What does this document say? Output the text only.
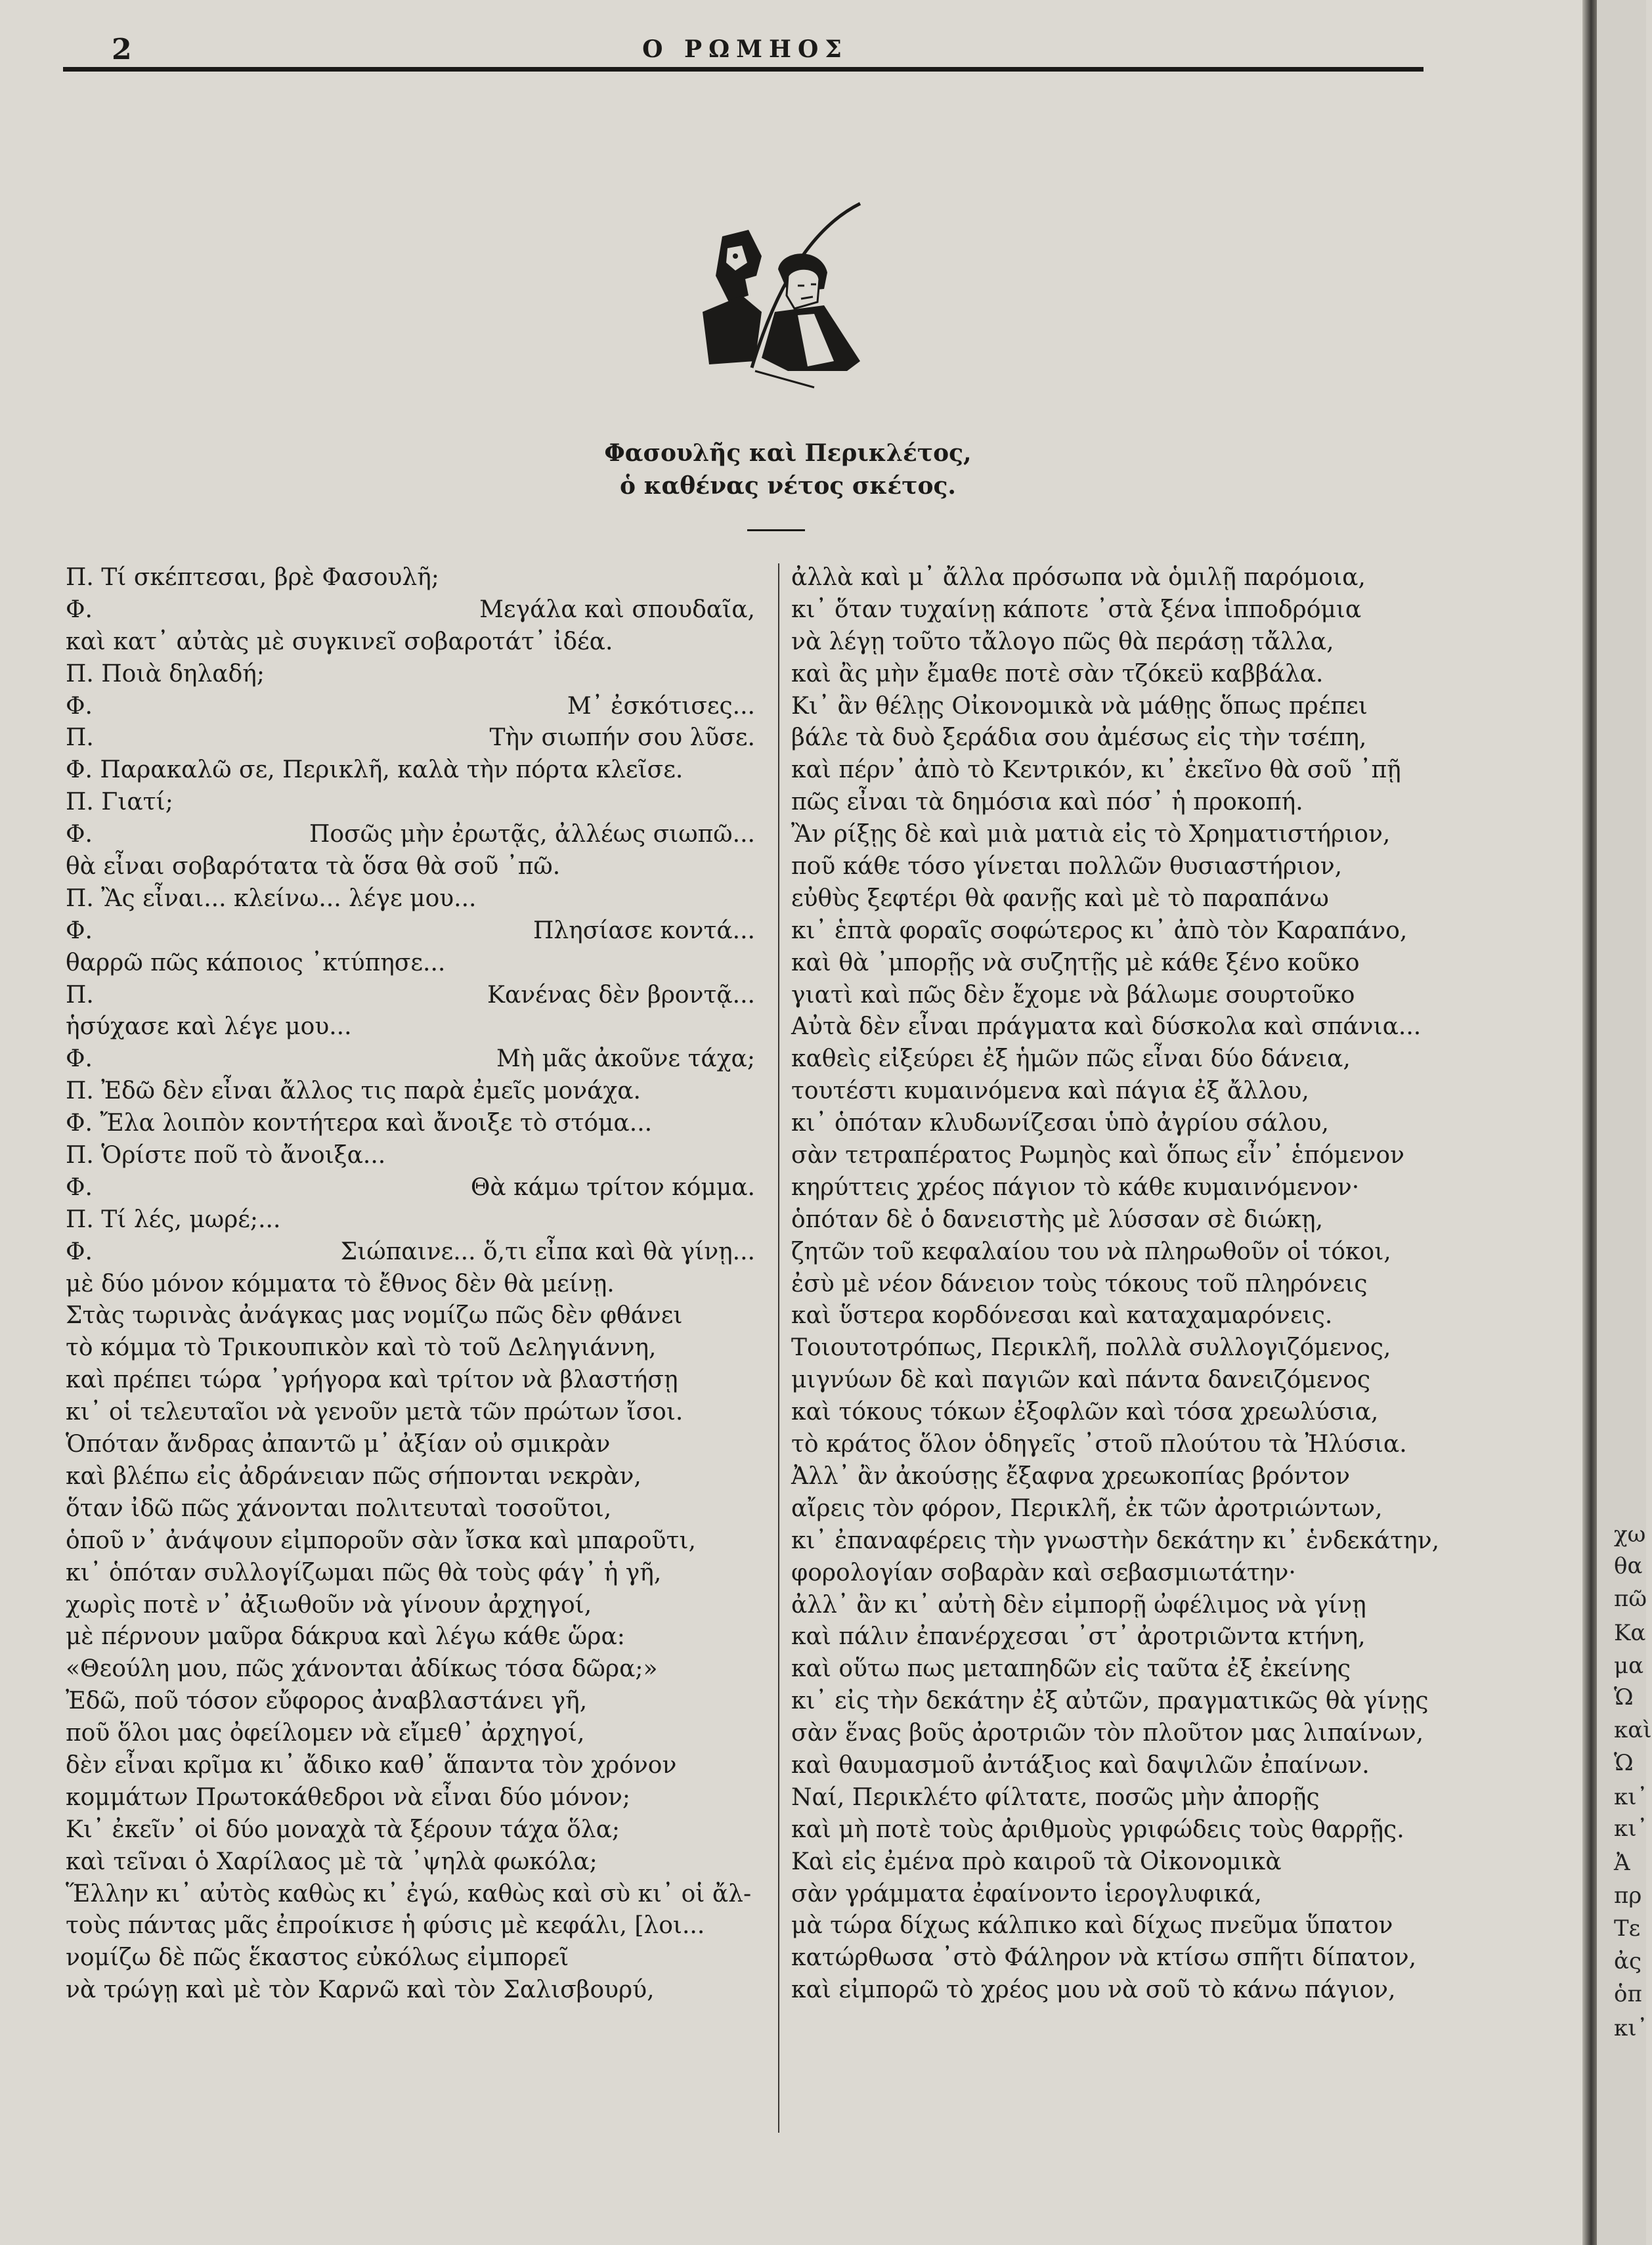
2	Ο ΡΩΜΗΟΣ
Φασουλῆς καὶ Περικλέτος,
ὁ καθένας νέτος σκέτος.
Π. Τί σκέπτεσαι, βρὲ Φασουλῆ;
Φ.	Μεγάλα καὶ σπουδαῖα,
καὶ κατ᾽ αὐτὰς μὲ συγκινεῖ σοβαροτάτ᾽ ἰδέα.
Π. Ποιὰ δηλαδή;
Φ.	Μ᾽ ἐσκότισες...
Π.	Τὴν σιωπήν σου λῦσε.
Φ. Παρακαλῶ σε, Περικλῆ, καλὰ τὴν πόρτα κλεῖσε.
Π. Γιατί;
Φ.	Ποσῶς μὴν ἐρωτᾷς, ἀλλέως σιωπῶ...
θὰ εἶναι σοβαρότατα τὰ ὅσα θὰ σοῦ ᾽πῶ.
Π. Ἂς εἶναι... κλείνω... λέγε μου...
Φ.	Πλησίασε κοντά...
θαρρῶ πῶς κάποιος ᾽κτύπησε...
Π.	Κανένας δὲν βροντᾷ...
ἡσύχασε καὶ λέγε μου...
Φ.	Μὴ μᾶς ἀκοῦνε τάχα;
Π. Ἐδῶ δὲν εἶναι ἄλλος τις παρὰ ἐμεῖς μονάχα.
Φ. Ἔλα λοιπὸν κοντήτερα καὶ ἄνοιξε τὸ στόμα...
Π. Ὁρίστε ποῦ τὸ ἄνοιξα...
Φ.	Θὰ κάμω τρίτον κόμμα.
Π. Τί λές, μωρέ;...
Φ.	Σιώπαινε... ὅ,τι εἶπα καὶ θὰ γίνῃ...
μὲ δύο μόνον κόμματα τὸ ἔθνος δὲν θὰ μείνῃ.
Στὰς τωρινὰς ἀνάγκας μας νομίζω πῶς δὲν φθάνει
τὸ κόμμα τὸ Τρικουπικὸν καὶ τὸ τοῦ Δεληγιάννη,
καὶ πρέπει τώρα ᾽γρήγορα καὶ τρίτον νὰ βλαστήσῃ
κι᾽ οἱ τελευταῖοι νὰ γενοῦν μετὰ τῶν πρώτων ἴσοι.
Ὁπόταν ἄνδρας ἀπαντῶ μ᾽ ἀξίαν οὐ σμικρὰν
καὶ βλέπω εἰς ἀδράνειαν πῶς σήπονται νεκρὰν,
ὅταν ἰδῶ πῶς χάνονται πολιτευταὶ τοσοῦτοι,
ὁποῦ ν᾽ ἀνάψουν εἰμποροῦν σὰν ἴσκα καὶ μπαροῦτι,
κι᾽ ὁπόταν συλλογίζωμαι πῶς θὰ τοὺς φάγ᾽ ἡ γῆ,
χωρὶς ποτὲ ν᾽ ἀξιωθοῦν νὰ γίνουν ἀρχηγοί,
μὲ πέρνουν μαῦρα δάκρυα καὶ λέγω κάθε ὥρα:
«Θεούλη μου, πῶς χάνονται ἀδίκως τόσα δῶρα;»
Ἐδῶ, ποῦ τόσον εὔφορος ἀναβλαστάνει γῆ,
ποῦ ὅλοι μας ὀφείλομεν νὰ εἴμεθ᾽ ἀρχηγοί,
δὲν εἶναι κρῖμα κι᾽ ἄδικο καθ᾽ ἅπαντα τὸν χρόνον
κομμάτων Πρωτοκάθεδροι νὰ εἶναι δύο μόνον;
Κι᾽ ἐκεῖν᾽ οἱ δύο μοναχὰ τὰ ξέρουν τάχα ὅλα;
καὶ τεῖναι ὁ Χαρίλαος μὲ τὰ ᾽ψηλὰ φωκόλα;
Ἕλλην κι᾽ αὐτὸς καθὼς κι᾽ ἐγώ, καθὼς καὶ σὺ κι᾽ οἱ ἄλ-
τοὺς πάντας μᾶς ἐπροίκισε ἡ φύσις μὲ κεφάλι, [λοι...
νομίζω δὲ πῶς ἕκαστος εὐκόλως εἰμπορεῖ
νὰ τρώγῃ καὶ μὲ τὸν Καρνῶ καὶ τὸν Σαλισβουρύ,
ἀλλὰ καὶ μ᾽ ἄλλα πρόσωπα νὰ ὁμιλῇ παρόμοια,
κι᾽ ὅταν τυχαίνῃ κάποτε ᾽στὰ ξένα ἱπποδρόμια
νὰ λέγῃ τοῦτο τἄλογο πῶς θὰ περάσῃ τἄλλα,
καὶ ἂς μὴν ἔμαθε ποτὲ σὰν τζόκεϋ καββάλα.
Κι᾽ ἂν θέλῃς Οἰκονομικὰ νὰ μάθῃς ὅπως πρέπει
βάλε τὰ δυὸ ξεράδια σου ἀμέσως εἰς τὴν τσέπη,
καὶ πέρν᾽ ἀπὸ τὸ Κεντρικόν, κι᾽ ἐκεῖνο θὰ σοῦ ᾽πῇ
πῶς εἶναι τὰ δημόσια καὶ πόσ᾽ ἡ προκοπή.
Ἂν ρίξῃς δὲ καὶ μιὰ ματιὰ εἰς τὸ Χρηματιστήριον,
ποῦ κάθε τόσο γίνεται πολλῶν θυσιαστήριον,
εὐθὺς ξεφτέρι θὰ φανῇς καὶ μὲ τὸ παραπάνω
κι᾽ ἑπτὰ φοραῖς σοφώτερος κι᾽ ἀπὸ τὸν Καραπάνο,
καὶ θὰ ᾽μπορῇς νὰ συζητῇς μὲ κάθε ξένο κοῦκο
γιατὶ καὶ πῶς δὲν ἔχομε νὰ βάλωμε σουρτοῦκο
Αὐτὰ δὲν εἶναι πράγματα καὶ δύσκολα καὶ σπάνια...
καθεὶς εἰξεύρει ἐξ ἡμῶν πῶς εἶναι δύο δάνεια,
τουτέστι κυμαινόμενα καὶ πάγια ἐξ ἄλλου,
κι᾽ ὁπόταν κλυδωνίζεσαι ὑπὸ ἀγρίου σάλου,
σὰν τετραπέρατος Ρωμηὸς καὶ ὅπως εἶν᾽ ἑπόμενον
κηρύττεις χρέος πάγιον τὸ κάθε κυμαινόμενον·
ὁπόταν δὲ ὁ δανειστὴς μὲ λύσσαν σὲ διώκῃ,
ζητῶν τοῦ κεφαλαίου του νὰ πληρωθοῦν οἱ τόκοι,
ἐσὺ μὲ νέον δάνειον τοὺς τόκους τοῦ πληρόνεις
καὶ ὕστερα κορδόνεσαι καὶ καταχαμαρόνεις.
Τοιουτοτρόπως, Περικλῆ, πολλὰ συλλογιζόμενος,
μιγνύων δὲ καὶ παγιῶν καὶ πάντα δανειζόμενος
καὶ τόκους τόκων ἐξοφλῶν καὶ τόσα χρεωλύσια,
τὸ κράτος ὅλον ὁδηγεῖς ᾽στοῦ πλούτου τὰ Ἠλύσια.
Ἀλλ᾽ ἂν ἀκούσῃς ἔξαφνα χρεωκοπίας βρόντον
αἴρεις τὸν φόρον, Περικλῆ, ἐκ τῶν ἀροτριώντων,
κι᾽ ἐπαναφέρεις τὴν γνωστὴν δεκάτην κι᾽ ἑνδεκάτην,
φορολογίαν σοβαρὰν καὶ σεβασμιωτάτην·
ἀλλ᾽ ἂν κι᾽ αὐτὴ δὲν εἰμπορῇ ὠφέλιμος νὰ γίνῃ
καὶ πάλιν ἐπανέρχεσαι ᾽στ᾽ ἀροτριῶντα κτήνη,
καὶ οὕτω πως μεταπηδῶν εἰς ταῦτα ἐξ ἐκείνης
κι᾽ εἰς τὴν δεκάτην ἐξ αὐτῶν, πραγματικῶς θὰ γίνῃς
σὰν ἕνας βοῦς ἀροτριῶν τὸν πλοῦτον μας λιπαίνων,
καὶ θαυμασμοῦ ἀντάξιος καὶ δαψιλῶν ἐπαίνων.
Ναί, Περικλέτο φίλτατε, ποσῶς μὴν ἀπορῇς
καὶ μὴ ποτὲ τοὺς ἀριθμοὺς γριφώδεις τοὺς θαρρῇς.
Καὶ εἰς ἐμένα πρὸ καιροῦ τὰ Οἰκονομικὰ
σὰν γράμματα ἐφαίνοντο ἱερογλυφικά,
μὰ τώρα δίχως κάλπικο καὶ δίχως πνεῦμα ὕπατον
κατώρθωσα ᾽στὸ Φάληρον νὰ κτίσω σπῆτι δίπατον,
καὶ εἰμπορῶ τὸ χρέος μου νὰ σοῦ τὸ κάνω πάγιον,
χω
θα
πῶ
Κα
μα
Ὡ
καὶ
Ὡ
κι᾽
κι᾽
Ἀ
πρ
Τε
ἀς
ὁπ
κι᾽
